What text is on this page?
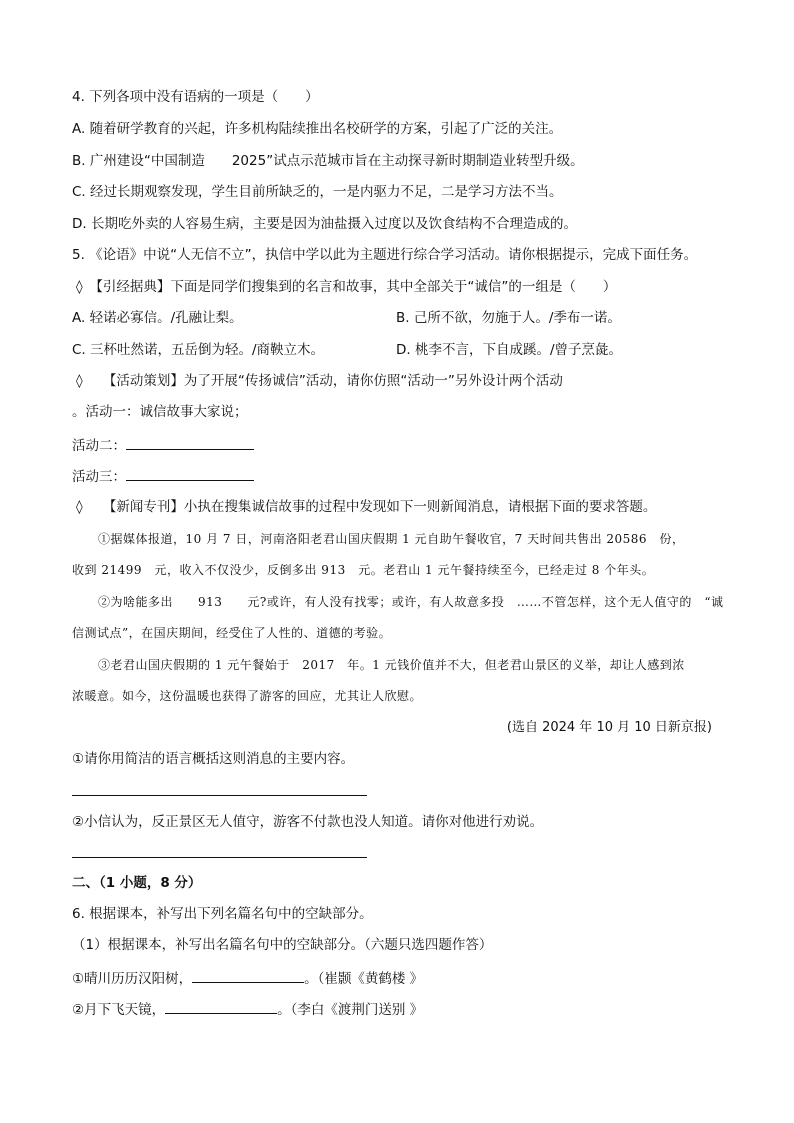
4. 下列各项中没有语病的一项是（　　）
A. 随着研学教育的兴起，许多机构陆续推出名校研学的方案，引起了广泛的关注。
B. 广州建设“中国制造　　2025”试点示范城市旨在主动探寻新时期制造业转型升级。
C. 经过长期观察发现，学生目前所缺乏的，一是内驱力不足，二是学习方法不当。
D. 长期吃外卖的人容易生病，主要是因为油盐摄入过度以及饮食结构不合理造成的。
5. 《论语》中说“人无信不立”，执信中学以此为主题进行综合学习活动。请你根据提示，完成下面任务。
◊　【引经据典】下面是同学们搜集到的名言和故事，其中全部关于“诚信”的一组是（　　）
A. 轻诺必寡信。/孔融让梨。	B. 己所不欲，勿施于人。/季布一诺。
C. 三杯吐然诺，五岳倒为轻。/商鞅立木。	D. 桃李不言，下自成蹊。/曾子烹彘。
◊　　【活动策划】为了开展“传扬诚信”活动，请你仿照“活动一”另外设计两个活动
。活动一：诚信故事大家说；
活动二：
活动三：
◊　　【新闻专刊】小执在搜集诚信故事的过程中发现如下一则新闻消息，请根据下面的要求答题。
①据媒体报道，10 月 7 日，河南洛阳老君山国庆假期 1 元自助午餐收官，7 天时间共售出 20586　份，
收到 21499　元，收入不仅没少，反倒多出 913　元。老君山 1 元午餐持续至今，已经走过 8 个年头。
②为啥能多出　　913　　元?或许，有人没有找零；或许，有人故意多投　……不管怎样，这个无人值守的　“诚
信测试点”，在国庆期间，经受住了人性的、道德的考验。
③老君山国庆假期的 1 元午餐始于　2017　年。1 元钱价值并不大，但老君山景区的义举，却让人感到浓
浓暖意。如今，这份温暖也获得了游客的回应，尤其让人欣慰。
(选自 2024 年 10 月 10 日新京报)
①请你用简洁的语言概括这则消息的主要内容。
②小信认为，反正景区无人值守，游客不付款也没人知道。请你对他进行劝说。
二、（1 小题，8 分）
6. 根据课本，补写出下列名篇名句中的空缺部分。
（1）根据课本，补写出名篇名句中的空缺部分。（六题只选四题作答）
①晴川历历汉阳树，	。（崔颢《黄鹤楼 》
②月下飞天镜，	。（李白《渡荆门送别 》
